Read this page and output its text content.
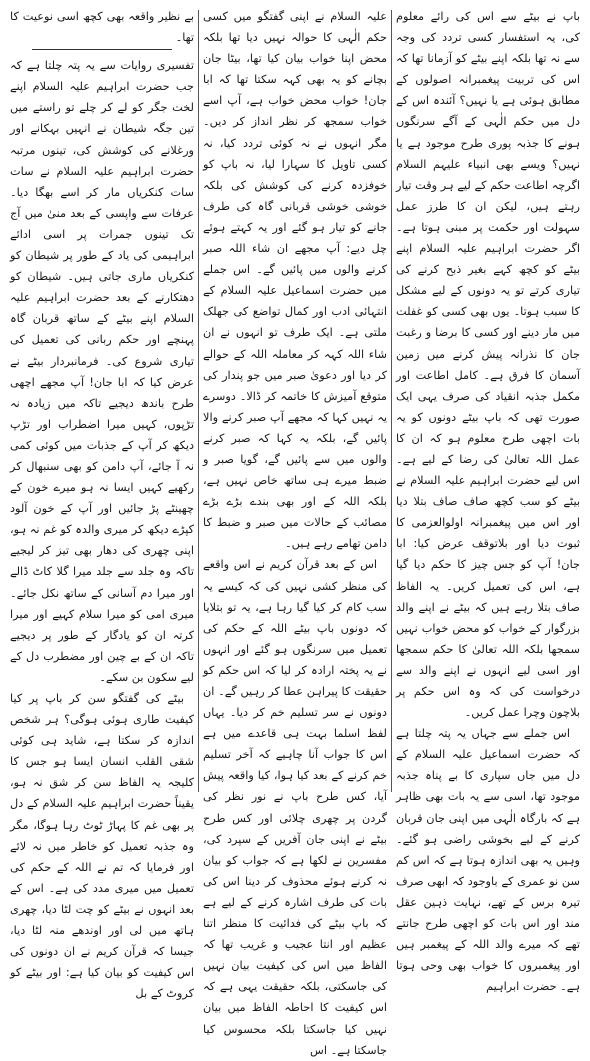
باپ نے بیٹے سے اس کی رائے معلوم کی، یہ استفسار کسی تردد کی وجہ سے نہ تھا بلکہ اپنے بیٹے کو آزمانا تھا کہ اس کی تربیت پیغمبرانہ اصولوں کے مطابق ہوئی ہے یا نہیں؟ آئندہ اس کے دل میں حکم الٰہی کے آگے سرنگوں ہونے کا جذبہ پوری طرح موجود ہے یا نہیں؟ ویسے بھی انبیاء علیہم السلام اگرچہ اطاعت حکم کے لیے ہر وقت تیار رہتے ہیں، لیکن ان کا طرز عمل سہولت اور حکمت پر مبنی ہوتا ہے۔ اگر حضرت ابراہیم علیہ السلام اپنے بیٹے کو کچھ کہے بغیر ذبح کرنے کی تیاری کرتے تو یہ دونوں کے لیے مشکل کا سبب ہوتا۔ یوں بھی کسی کو غفلت میں مار دینے اور کسی کا برضا و رغبت جان کا نذرانہ پیش کرنے میں زمین آسمان کا فرق ہے۔ کامل اطاعت اور مکمل جذبہ انقیاد کی صرف یہی ایک صورت تھی کہ باپ بیٹے دونوں کو یہ بات اچھی طرح معلوم ہو کہ ان کا عمل اللہ تعالیٰ کی رضا کے لیے ہے۔ اس لیے حضرت ابراہیم علیہ السلام نے بیٹے کو سب کچھ صاف صاف بتلا دیا اور اس میں پیغمبرانہ اولوالعزمی کا ثبوت دیا اور بلاتوقف عرض کیا: ابا جان! آپ کو جس چیز کا حکم دیا گیا ہے، اس کی تعمیل کریں۔ یہ الفاظ صاف بتلا رہے ہیں کہ بیٹے نے اپنے والد بزرگوار کے خواب کو محض خواب نہیں سمجھا بلکہ اللہ تعالیٰ کا حکم سمجھا اور اسی لیے انہوں نے اپنے والد سے درخواست کی کہ وہ اس حکم پر بلاچون وچرا عمل کریں۔

اس جملے سے جہاں یہ پتہ چلتا ہے کہ حضرت اسماعیل علیہ السلام کے دل میں جاں سپاری کا بے پناہ جذبہ موجود تھا، اسی سے یہ بات بھی ظاہر ہے کہ بارگاہ الٰہی میں اپنی جان قربان کرنے کے لیے بخوشی راضی ہو گئے۔ وہیں یہ بھی اندازہ ہوتا ہے کہ اس کم سن نو عمری کے باوجود کہ ابھی صرف تیرہ برس کے تھے، نہایت ذہین عقل مند اور اس بات کو اچھی طرح جانتے تھے کہ میرے والد اللہ کے پیغمبر ہیں اور پیغمبروں کا خواب بھی وحی ہوتا ہے۔ حضرت ابراہیم

علیہ السلام نے اپنی گفتگو میں کسی حکم الٰہی کا حوالہ نہیں دیا تھا بلکہ محض اپنا خواب بیان کیا تھا، بیٹا جان بچانے کو یہ بھی کہہ سکتا تھا کہ ابا جان! خواب محض خواب ہے، آپ اسے خواب سمجھ کر نظر انداز کر دیں۔ مگر انہوں نے نہ کوئی تردد کیا، نہ کسی تاویل کا سہارا لیا، نہ باپ کو خوفزدہ کرنے کی کوشش کی بلکہ خوشی خوشی قربانی گاہ کی طرف جانے کو تیار ہو گئے اور یہ کہتے ہوئے چل دیے: آپ مجھے ان شاء اللہ صبر کرنے والوں میں پائیں گے۔ اس جملے میں حضرت اسماعیل علیہ السلام کے انتہائی ادب اور کمال تواضع کی جھلک ملتی ہے۔ ایک طرف تو انہوں نے ان شاء اللہ کہہ کر معاملہ اللہ کے حوالے کر دیا اور دعویٰ صبر میں جو پندار کی متوقع آمیزش کا خاتمہ کر ڈالا۔ دوسرے یہ نہیں کہا کہ مجھے آپ صبر کرنے والا پائیں گے، بلکہ یہ کہا کہ صبر کرنے والوں میں سے پائیں گے، گویا صبر و ضبط میرے ہی ساتھ خاص نہیں ہے، بلکہ اللہ کے اور بھی بندے بڑے بڑے مصائب کے حالات میں صبر و ضبط کا دامن تھامے رہے ہیں۔

اس کے بعد قرآن کریم نے اس واقعے کی منظر کشی نہیں کی کہ کیسے یہ سب کام کر کیا گیا رہا ہے، یہ تو بتلایا کہ دونوں باپ بیٹے اللہ کے حکم کی تعمیل میں سرنگوں ہو گئے اور انہوں نے یہ پختہ ارادہ کر لیا کہ اس حکم کو حقیقت کا پیراہن عطا کر رہیں گے۔ ان دونوں نے سر تسلیم خم کر دیا۔ یہاں لفظ اسلما بہت ہی قاعدے میں ہے اس کا جواب آنا چاہیے کہ آخر تسلیم خم کرنے کے بعد کیا ہوا، کیا واقعہ پیش آیا، کس طرح باپ نے نور نظر کی گردن پر چھری چلائی اور کس طرح بیٹے نے اپنی جان آفریں کے سپرد کی، مفسرین نے لکھا ہے کہ جواب کو بیان نہ کرنے ہوئے محذوف کر دینا اس کی بات کی طرف اشارہ کرنے کے لیے ہے کہ باپ بیٹے کی فدائیت کا منظر اتنا عظیم اور انتا عجیب و غریب تھا کہ الفاظ میں اس کی کیفیت بیان نہیں کی جاسکتی، بلکہ حقیقت یہی ہے کہ اس کیفیت کا احاطہ الفاظ میں بیان نہیں کیا جاسکتا بلکہ محسوس کیا جاسکتا ہے۔ اس

بے نظیر واقعہ بھی کچھ اسی نوعیت کا تھا۔

تفسیری روایات سے یہ پتہ چلتا ہے کہ جب حضرت ابراہیم علیہ السلام اپنے لخت جگر کو لے کر چلے تو راستے میں تین جگہ شیطان نے انہیں بہکانے اور ورغلانے کی کوشش کی، تینوں مرتبہ حضرت ابراہیم علیہ السلام نے سات سات کنکریاں مار کر اسے بھگا دیا۔ عرفات سے واپسی کے بعد منیٰ میں آج تک تینوں جمرات پر اسی ادائے ابراہیمی کی یاد کے طور پر شیطان کو کنکریاں ماری جاتی ہیں۔ شیطان کو دھتکارنے کے بعد حضرت ابراہیم علیہ السلام اپنے بیٹے کے ساتھ قربان گاہ پہنچے اور حکم ربانی کی تعمیل کی تیاری شروع کی۔ فرمانبردار بیٹے نے عرض کیا کہ ابا جان! آپ مجھے اچھی طرح باندھ دیجیے تاکہ میں زیادہ نہ تڑپوں، کہیں میرا اضطراب اور تڑپ دیکھ کر آپ کے جذبات میں کوئی کمی نہ آ جائے، آپ دامن کو بھی سنبھال کر رکھیے کہیں ایسا نہ ہو میرے خون کے چھینٹے پڑ جائیں اور آپ کے خون آلود کپڑے دیکھ کر میری والدہ کو غم نہ ہو، اپنی چھری کی دھار بھی تیز کر لیجیے تاکہ وہ جلد سے جلد میرا گلا کاٹ ڈالے اور میرا دم آسانی کے ساتھ نکل جائے۔ میری امی کو میرا سلام کہیے اور میرا کرتہ ان کو یادگار کے طور پر دیجیے تاکہ ان کے بے چین اور مضطرب دل کے لیے سکون بن سکے۔

بیٹے کی گفتگو سن کر باپ پر کیا کیفیت طاری ہوئی ہوگی؟ ہر شخص اندازہ کر سکتا ہے، شاید ہی کوئی شقی القلب انسان ایسا ہو جس کا کلیجہ یہ الفاظ سن کر شق نہ ہو، یقیناً حضرت ابراہیم علیہ السلام کے دل پر بھی غم کا پہاڑ ٹوٹ رہا ہوگا، مگر وہ جذبہ تعمیل کو خاطر میں نہ لائے اور فرمایا کہ تم نے اللہ کے حکم کی تعمیل میں میری مدد کی ہے۔ اس کے بعد انہوں نے بیٹے کو چت لٹا دیا، چھری ہاتھ میں لی اور اوندھے منہ لٹا دیا، جیسا کہ قرآن کریم نے ان دونوں کی اس کیفیت کو بیان کیا ہے: اور بیٹے کو کروٹ کے بل
